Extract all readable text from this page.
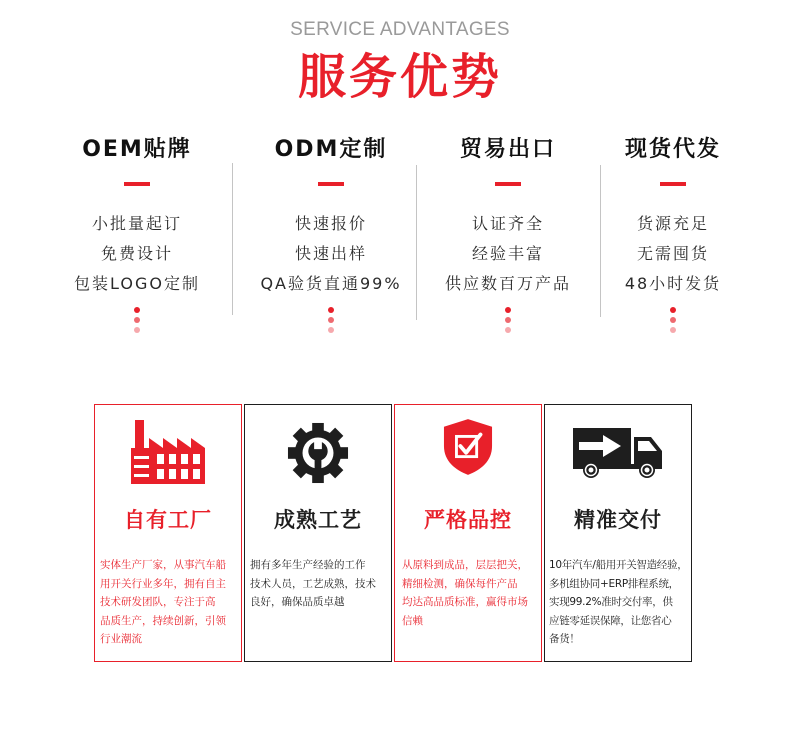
SERVICE ADVANTAGES
服务优势
OEM贴牌
小批量起订
免费设计
包装LOGO定制
ODM定制
快速报价
快速出样
QA验货直通99%
贸易出口
认证齐全
经验丰富
供应数百万产品
现货代发
货源充足
无需囤货
48小时发货
自有工厂
实体生产厂家，从事汽车船
用开关行业多年，拥有自主
技术研发团队，专注于高
品质生产，持续创新，引领
行业潮流
成熟工艺
拥有多年生产经验的工作
技术人员，工艺成熟，技术
良好，确保品质卓越
严格品控
从原料到成品，层层把关，
精细检测，确保每件产品
均达高品质标准，赢得市场
信赖
精准交付
10年汽车/船用开关智造经验，
多机组协同+ERP排程系统，
实现99.2%准时交付率，供
应链零延误保障，让您省心
备货！
